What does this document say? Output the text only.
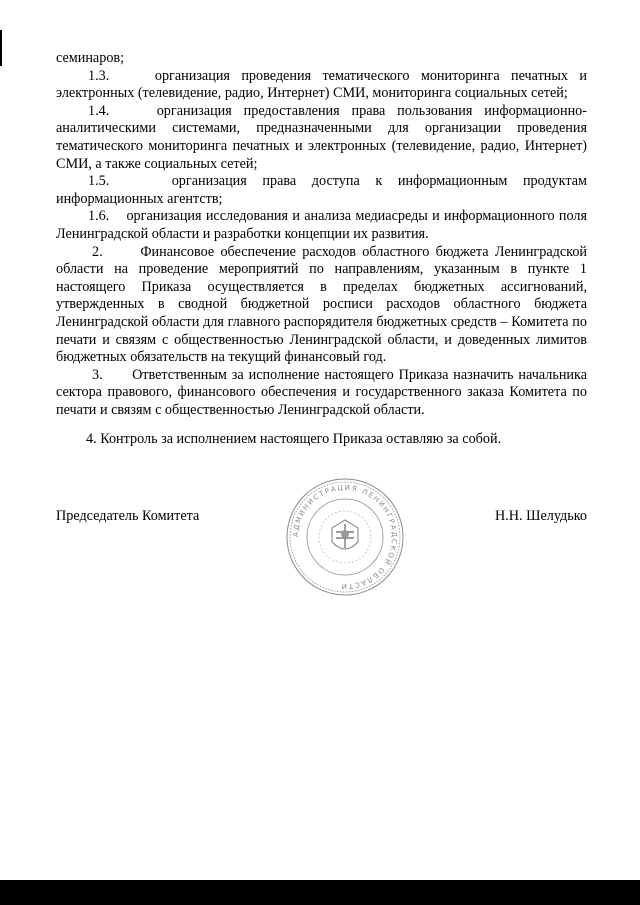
семинаров;

1.3.	организация проведения тематического мониторинга печатных и электронных (телевидение, радио, Интернет) СМИ, мониторинга социальных сетей;

1.4.	организация предоставления права пользования информационно-аналитическими системами, предназначенными для организации проведения тематического мониторинга печатных и электронных (телевидение, радио, Интернет) СМИ, а также социальных сетей;

1.5.	организация права доступа к информационным продуктам информационных агентств;

1.6. организация исследования и анализа медиасреды и информационного поля Ленинградской области и разработки концепции их развития.

2.	Финансовое обеспечение расходов областного бюджета Ленинградской области на проведение мероприятий по направлениям, указанным в пункте 1 настоящего Приказа осуществляется в пределах бюджетных ассигнований, утвержденных в сводной бюджетной росписи расходов областного бюджета Ленинградской области для главного распорядителя бюджетных средств – Комитета по печати и связям с общественностью Ленинградской области, и доведенных лимитов бюджетных обязательств на текущий финансовый год.

3. Ответственным за исполнение настоящего Приказа назначить начальника сектора правового, финансового обеспечения и государственного заказа Комитета по печати и связям с общественностью Ленинградской области.

4. Контроль за исполнением настоящего Приказа оставляю за собой.

Председатель Комитета
АДМИНИСТРАЦИЯ ЛЕНИНГРАДСКОЙ ОБЛАСТИ
Н.Н. Шелудько
